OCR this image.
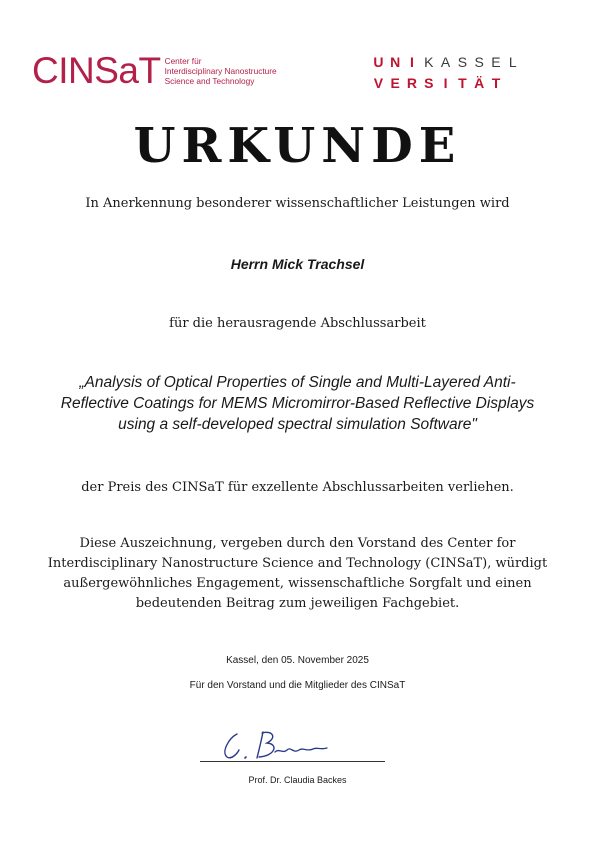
CINSaT Center für
Interdisciplinary Nanostructure
Science and Technology
U N I K A S S E L
V E R S I T Ä T
URKUNDE
In Anerkennung besonderer wissenschaftlicher Leistungen wird
Herrn Mick Trachsel
für die herausragende Abschlussarbeit
„Analysis of Optical Properties of Single and Multi-Layered Anti-
Reflective Coatings for MEMS Micromirror-Based Reflective Displays
using a self-developed spectral simulation Software"
der Preis des CINSaT für exzellente Abschlussarbeiten verliehen.
Diese Auszeichnung, vergeben durch den Vorstand des Center for
Interdisciplinary Nanostructure Science and Technology (CINSaT), würdigt
außergewöhnliches Engagement, wissenschaftliche Sorgfalt und einen
bedeutenden Beitrag zum jeweiligen Fachgebiet.
Kassel, den 05. November 2025
Für den Vorstand und die Mitglieder des CINSaT
Prof. Dr. Claudia Backes
